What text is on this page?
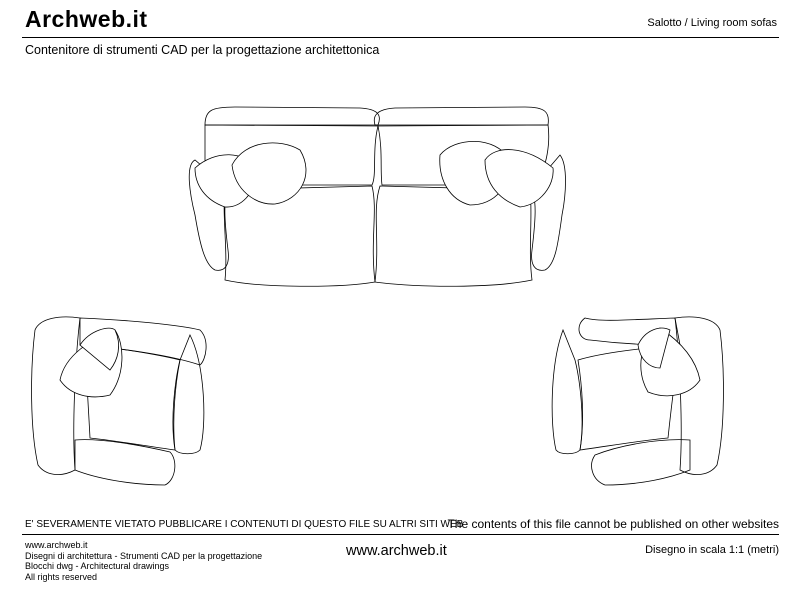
Archweb.it	Salotto / Living room sofas
Contenitore di strumenti CAD per la progettazione architettonica
E' SEVERAMENTE VIETATO PUBBLICARE I CONTENUTI DI QUESTO FILE SU ALTRI SITI WEB
The contents of this file cannot be published on other websites
www.archweb.it
Disegni di architettura - Strumenti CAD per la progettazione
Blocchi dwg - Architectural drawings
All rights reserved
www.archweb.it	Disegno in scala 1:1 (metri)
